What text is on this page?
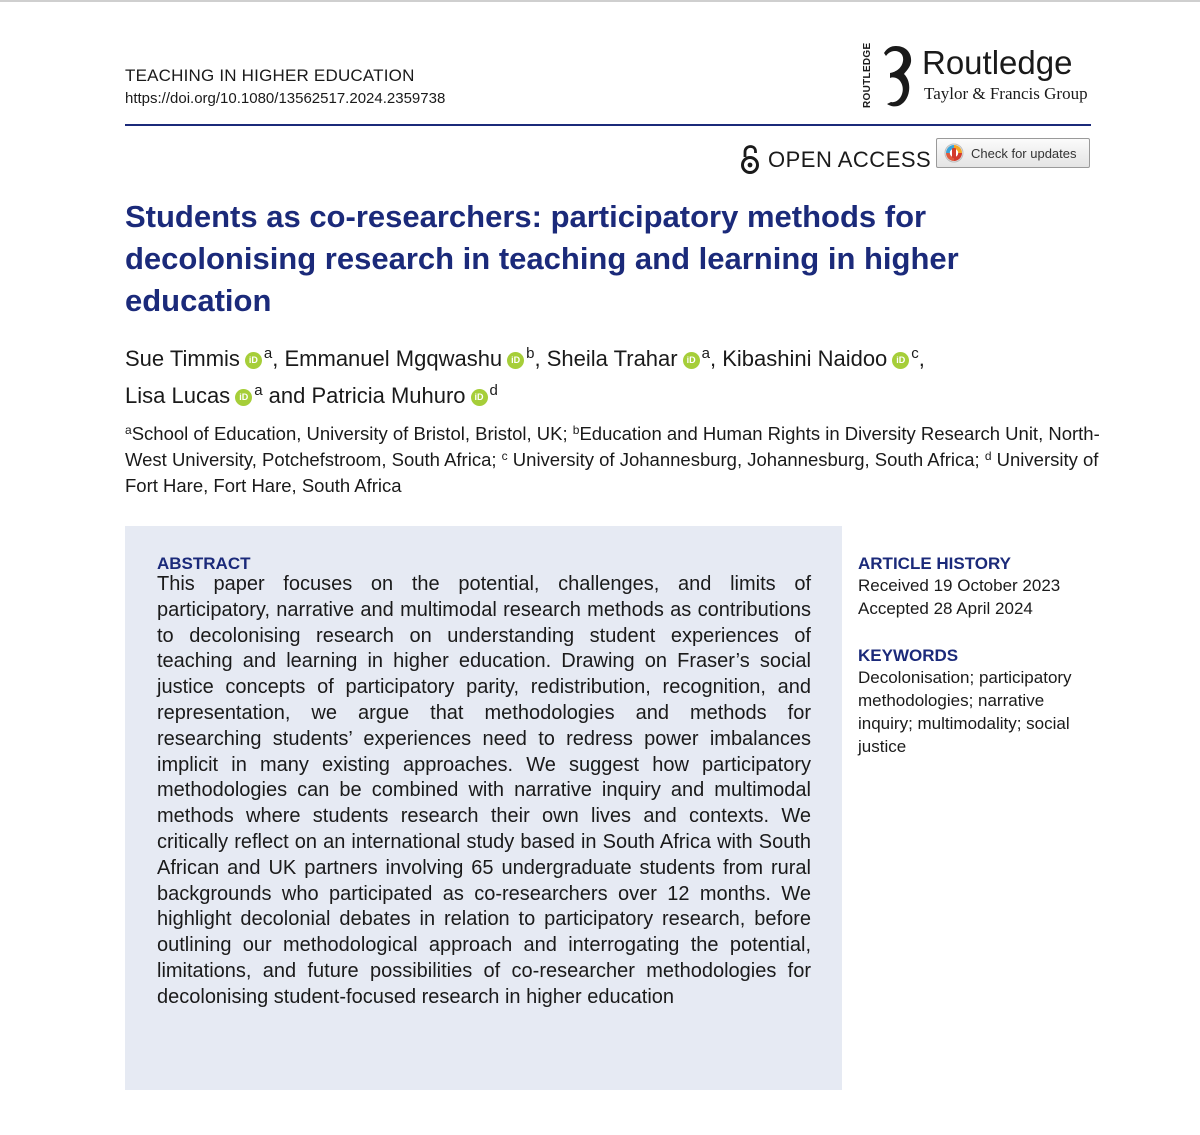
TEACHING IN HIGHER EDUCATION
https://doi.org/10.1080/13562517.2024.2359738	ROUTLEDGE Routledge
Taylor & Francis Group
OPEN ACCESS	Check for updates
Students as co-researchers: participatory methods for decolonising research in teaching and learning in higher education
Sue Timmis iD $^a$, Emmanuel Mgqwashu iD $^b$, Sheila Trahar iD $^a$, Kibashini Naidoo iD $^c$,
Lisa Lucas iD $^a$ and Patricia Muhuro iD $^d$

$^a$School of Education, University of Bristol, Bristol, UK; $^b$Education and Human Rights in Diversity Research Unit, North-West University, Potchefstroom, South Africa; $^c$ University of Johannesburg, Johannesburg, South Africa; $^d$ University of Fort Hare, Fort Hare, South Africa

ABSTRACT

This paper focuses on the potential, challenges, and limits of participatory, narrative and multimodal research methods as contributions to decolonising research on understanding student experiences of teaching and learning in higher education. Drawing on Fraser’s social justice concepts of participatory parity, redistribution, recognition, and representation, we argue that methodologies and methods for researching students’ experiences need to redress power imbalances implicit in many existing approaches. We suggest how participatory methodologies can be combined with narrative inquiry and multimodal methods where students research their own lives and contexts. We critically reflect on an international study based in South Africa with South African and UK partners involving 65 undergraduate students from rural backgrounds who participated as co-researchers over 12 months. We highlight decolonial debates in relation to participatory research, before outlining our methodological approach and interrogating the potential, limitations, and future possibilities of co-researcher methodologies for decolonising student-focused research in higher education

ARTICLE HISTORY
Received 19 October 2023
Accepted 28 April 2024
KEYWORDS

Decolonisation; participatory methodologies; narrative inquiry; multimodality; social justice
